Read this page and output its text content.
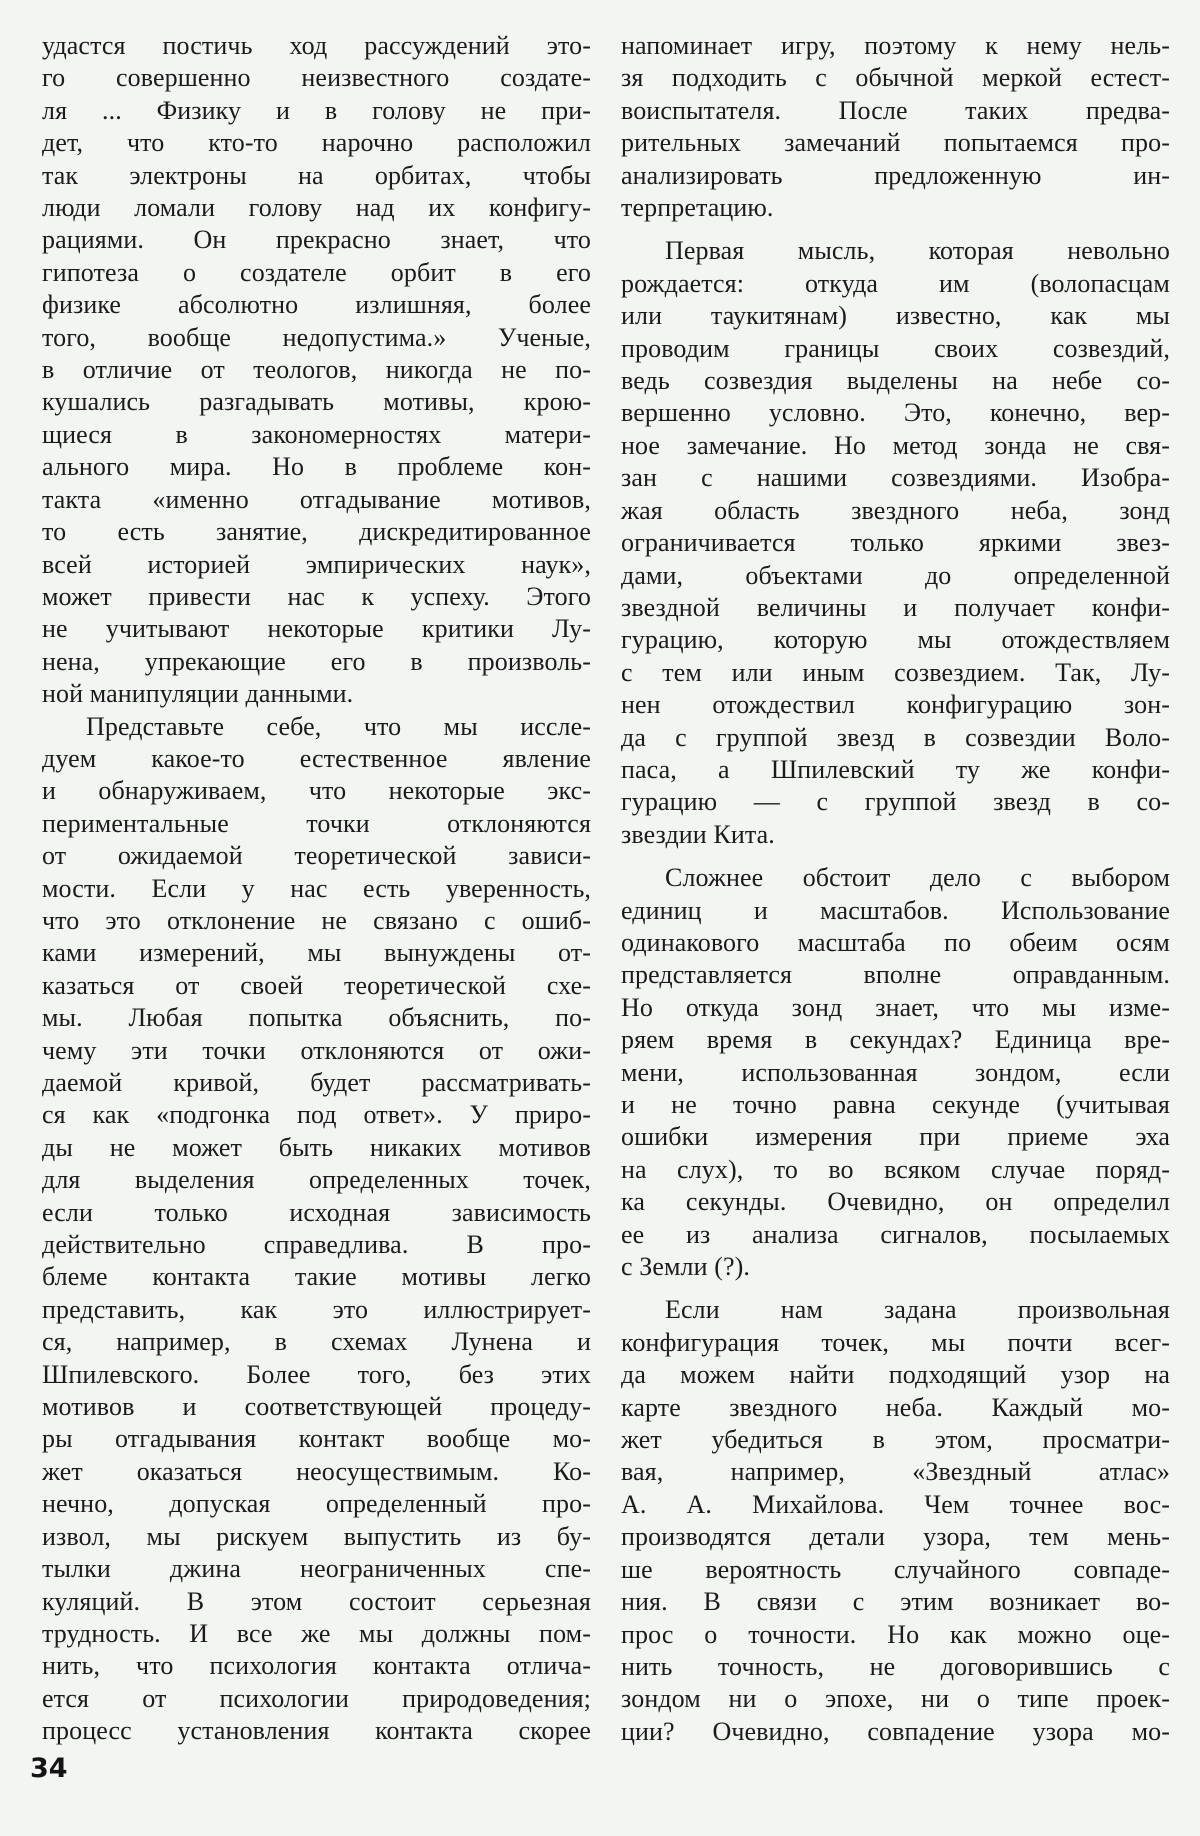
удастся постичь ход рассуждений это-
го совершенно неизвестного создате-
ля ... Физику и в голову не при-
дет, что кто-то нарочно расположил
так электроны на орбитах, чтобы
люди ломали голову над их конфигу-
рациями. Он прекрасно знает, что
гипотеза о создателе орбит в его
физике абсолютно излишняя, более
того, вообще недопустима.» Ученые,
в отличие от теологов, никогда не по-
кушались разгадывать мотивы, крою-
щиеся в закономерностях матери-
ального мира. Но в проблеме кон-
такта «именно отгадывание мотивов,
то есть занятие, дискредитированное
всей историей эмпирических наук»,
может привести нас к успеху. Этого
не учитывают некоторые критики Лу-
нена, упрекающие его в произволь-
ной манипуляции данными.
Представьте себе, что мы иссле-
дуем какое-то естественное явление
и обнаруживаем, что некоторые экс-
периментальные точки отклоняются
от ожидаемой теоретической зависи-
мости. Если у нас есть уверенность,
что это отклонение не связано с ошиб-
ками измерений, мы вынуждены от-
казаться от своей теоретической схе-
мы. Любая попытка объяснить, по-
чему эти точки отклоняются от ожи-
даемой кривой, будет рассматривать-
ся как «подгонка под ответ». У приро-
ды не может быть никаких мотивов
для выделения определенных точек,
если только исходная зависимость
действительно справедлива. В про-
блеме контакта такие мотивы легко
представить, как это иллюстрирует-
ся, например, в схемах Лунена и
Шпилевского. Более того, без этих
мотивов и соответствующей процеду-
ры отгадывания контакт вообще мо-
жет оказаться неосуществимым. Ко-
нечно, допуская определенный про-
извол, мы рискуем выпустить из бу-
тылки джина неограниченных спе-
куляций. В этом состоит серьезная
трудность. И все же мы должны пом-
нить, что психология контакта отлича-
ется от психологии природоведения;
процесс установления контакта скорее
напоминает игру, поэтому к нему нель-
зя подходить с обычной меркой естест-
воиспытателя. После таких предва-
рительных замечаний попытаемся про-
анализировать предложенную ин-
терпретацию.
Первая мысль, которая невольно
рождается: откуда им (волопасцам
или таукитянам) известно, как мы
проводим границы своих созвездий,
ведь созвездия выделены на небе со-
вершенно условно. Это, конечно, вер-
ное замечание. Но метод зонда не свя-
зан с нашими созвездиями. Изобра-
жая область звездного неба, зонд
ограничивается только яркими звез-
дами, объектами до определенной
звездной величины и получает конфи-
гурацию, которую мы отождествляем
с тем или иным созвездием. Так, Лу-
нен отождествил конфигурацию зон-
да с группой звезд в созвездии Воло-
паса, а Шпилевский ту же конфи-
гурацию — с группой звезд в со-
звездии Кита.
Сложнее обстоит дело с выбором
единиц и масштабов. Использование
одинакового масштаба по обеим осям
представляется вполне оправданным.
Но откуда зонд знает, что мы изме-
ряем время в секундах? Единица вре-
мени, использованная зондом, если
и не точно равна секунде (учитывая
ошибки измерения при приеме эха
на слух), то во всяком случае поряд-
ка секунды. Очевидно, он определил
ее из анализа сигналов, посылаемых
с Земли (?).
Если нам задана произвольная
конфигурация точек, мы почти всег-
да можем найти подходящий узор на
карте звездного неба. Каждый мо-
жет убедиться в этом, просматри-
вая, например, «Звездный атлас»
А. А. Михайлова. Чем точнее вос-
производятся детали узора, тем мень-
ше вероятность случайного совпаде-
ния. В связи с этим возникает во-
прос о точности. Но как можно оце-
нить точность, не договорившись с
зондом ни о эпохе, ни о типе проек-
ции? Очевидно, совпадение узора мо-
34
